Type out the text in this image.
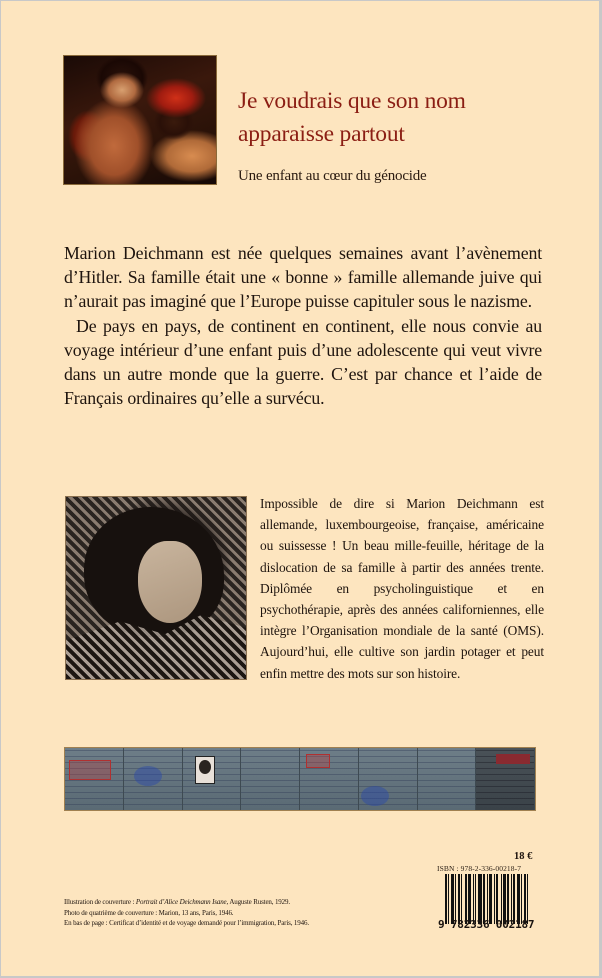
Je voudrais que son nom
apparaisse partout
Une enfant au cœur du génocide

Marion Deichmann est née quelques semaines avant l’avènement d’Hitler. Sa famille était une « bonne » famille allemande juive qui n’aurait pas imaginé que l’Europe puisse capituler sous le nazisme.

De pays en pays, de continent en continent, elle nous convie au voyage intérieur d’une enfant puis d’une adolescente qui veut vivre dans un autre monde que la guerre. C’est par chance et l’aide de Français ordinaires qu’elle a survécu.

Impossible de dire si Marion Deichmann est allemande, luxembourgeoise, française, américaine ou suissesse ! Un beau mille-feuille, héritage de la dislocation de sa famille à partir des années trente. Diplômée en psycholinguistique et en psychothérapie, après des années californiennes, elle intègre l’Organisation mondiale de la santé (OMS). Aujourd’hui, elle cultive son jardin potager et peut enfin mettre des mots sur son histoire.
18 €
ISBN : 978-2-336-00218-7
9 782336 002187
Illustration de couverture : Portrait d’Alice Deichmann Isane, Auguste Rusten, 1929.
Photo de quatrième de couverture : Marion, 13 ans, Paris, 1946.
En bas de page : Certificat d’identité et de voyage demandé pour l’immigration, Paris, 1946.
